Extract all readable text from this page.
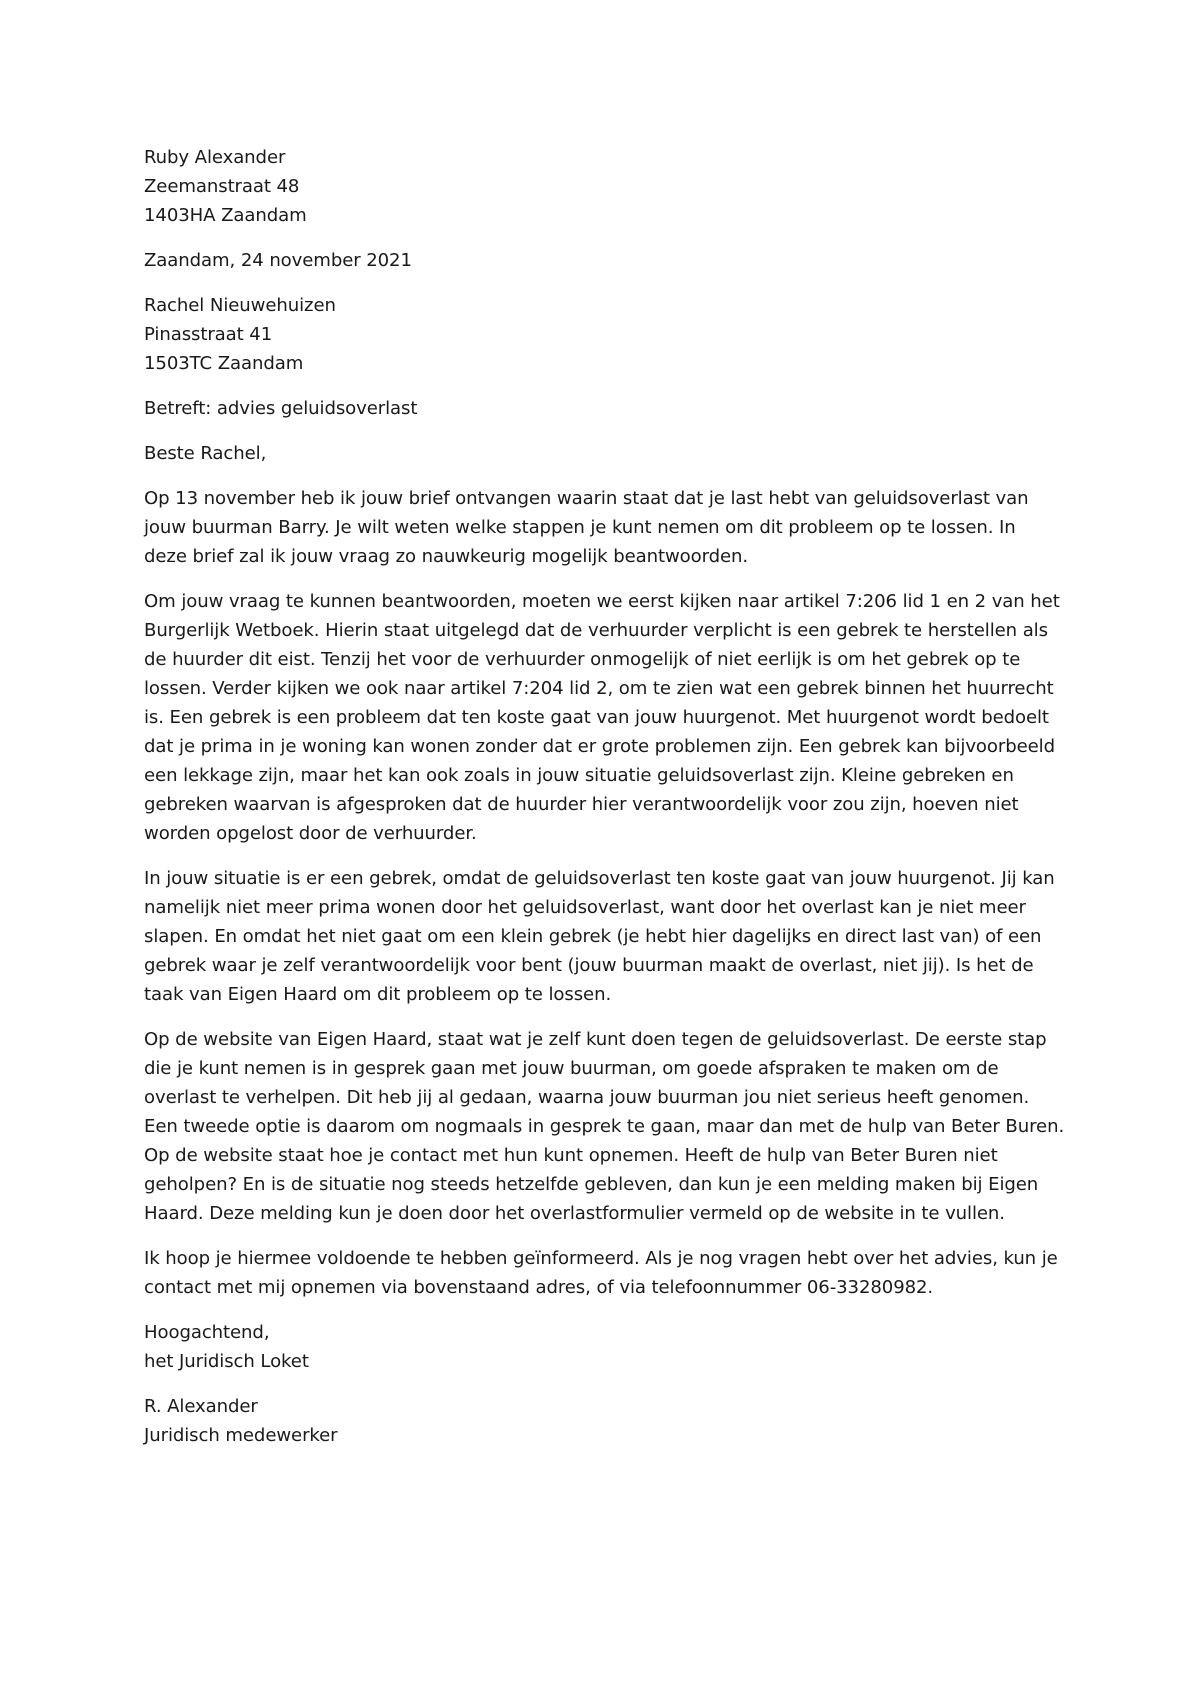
Ruby Alexander
Zeemanstraat 48
1403HA Zaandam
Zaandam, 24 november 2021
Rachel Nieuwehuizen
Pinasstraat 41
1503TC Zaandam
Betreft: advies geluidsoverlast
Beste Rachel,
Op 13 november heb ik jouw brief ontvangen waarin staat dat je last hebt van geluidsoverlast van
jouw buurman Barry. Je wilt weten welke stappen je kunt nemen om dit probleem op te lossen. In
deze brief zal ik jouw vraag zo nauwkeurig mogelijk beantwoorden.
Om jouw vraag te kunnen beantwoorden, moeten we eerst kijken naar artikel 7:206 lid 1 en 2 van het
Burgerlijk Wetboek. Hierin staat uitgelegd dat de verhuurder verplicht is een gebrek te herstellen als
de huurder dit eist. Tenzij het voor de verhuurder onmogelijk of niet eerlijk is om het gebrek op te
lossen. Verder kijken we ook naar artikel 7:204 lid 2, om te zien wat een gebrek binnen het huurrecht
is. Een gebrek is een probleem dat ten koste gaat van jouw huurgenot. Met huurgenot wordt bedoelt
dat je prima in je woning kan wonen zonder dat er grote problemen zijn. Een gebrek kan bijvoorbeeld
een lekkage zijn, maar het kan ook zoals in jouw situatie geluidsoverlast zijn. Kleine gebreken en
gebreken waarvan is afgesproken dat de huurder hier verantwoordelijk voor zou zijn, hoeven niet
worden opgelost door de verhuurder.
In jouw situatie is er een gebrek, omdat de geluidsoverlast ten koste gaat van jouw huurgenot. Jij kan
namelijk niet meer prima wonen door het geluidsoverlast, want door het overlast kan je niet meer
slapen. En omdat het niet gaat om een klein gebrek (je hebt hier dagelijks en direct last van) of een
gebrek waar je zelf verantwoordelijk voor bent (jouw buurman maakt de overlast, niet jij). Is het de
taak van Eigen Haard om dit probleem op te lossen.
Op de website van Eigen Haard, staat wat je zelf kunt doen tegen de geluidsoverlast. De eerste stap
die je kunt nemen is in gesprek gaan met jouw buurman, om goede afspraken te maken om de
overlast te verhelpen. Dit heb jij al gedaan, waarna jouw buurman jou niet serieus heeft genomen.
Een tweede optie is daarom om nogmaals in gesprek te gaan, maar dan met de hulp van Beter Buren.
Op de website staat hoe je contact met hun kunt opnemen. Heeft de hulp van Beter Buren niet
geholpen? En is de situatie nog steeds hetzelfde gebleven, dan kun je een melding maken bij Eigen
Haard. Deze melding kun je doen door het overlastformulier vermeld op de website in te vullen.
Ik hoop je hiermee voldoende te hebben geïnformeerd. Als je nog vragen hebt over het advies, kun je
contact met mij opnemen via bovenstaand adres, of via telefoonnummer 06-33280982.
Hoogachtend,
het Juridisch Loket
R. Alexander
Juridisch medewerker
